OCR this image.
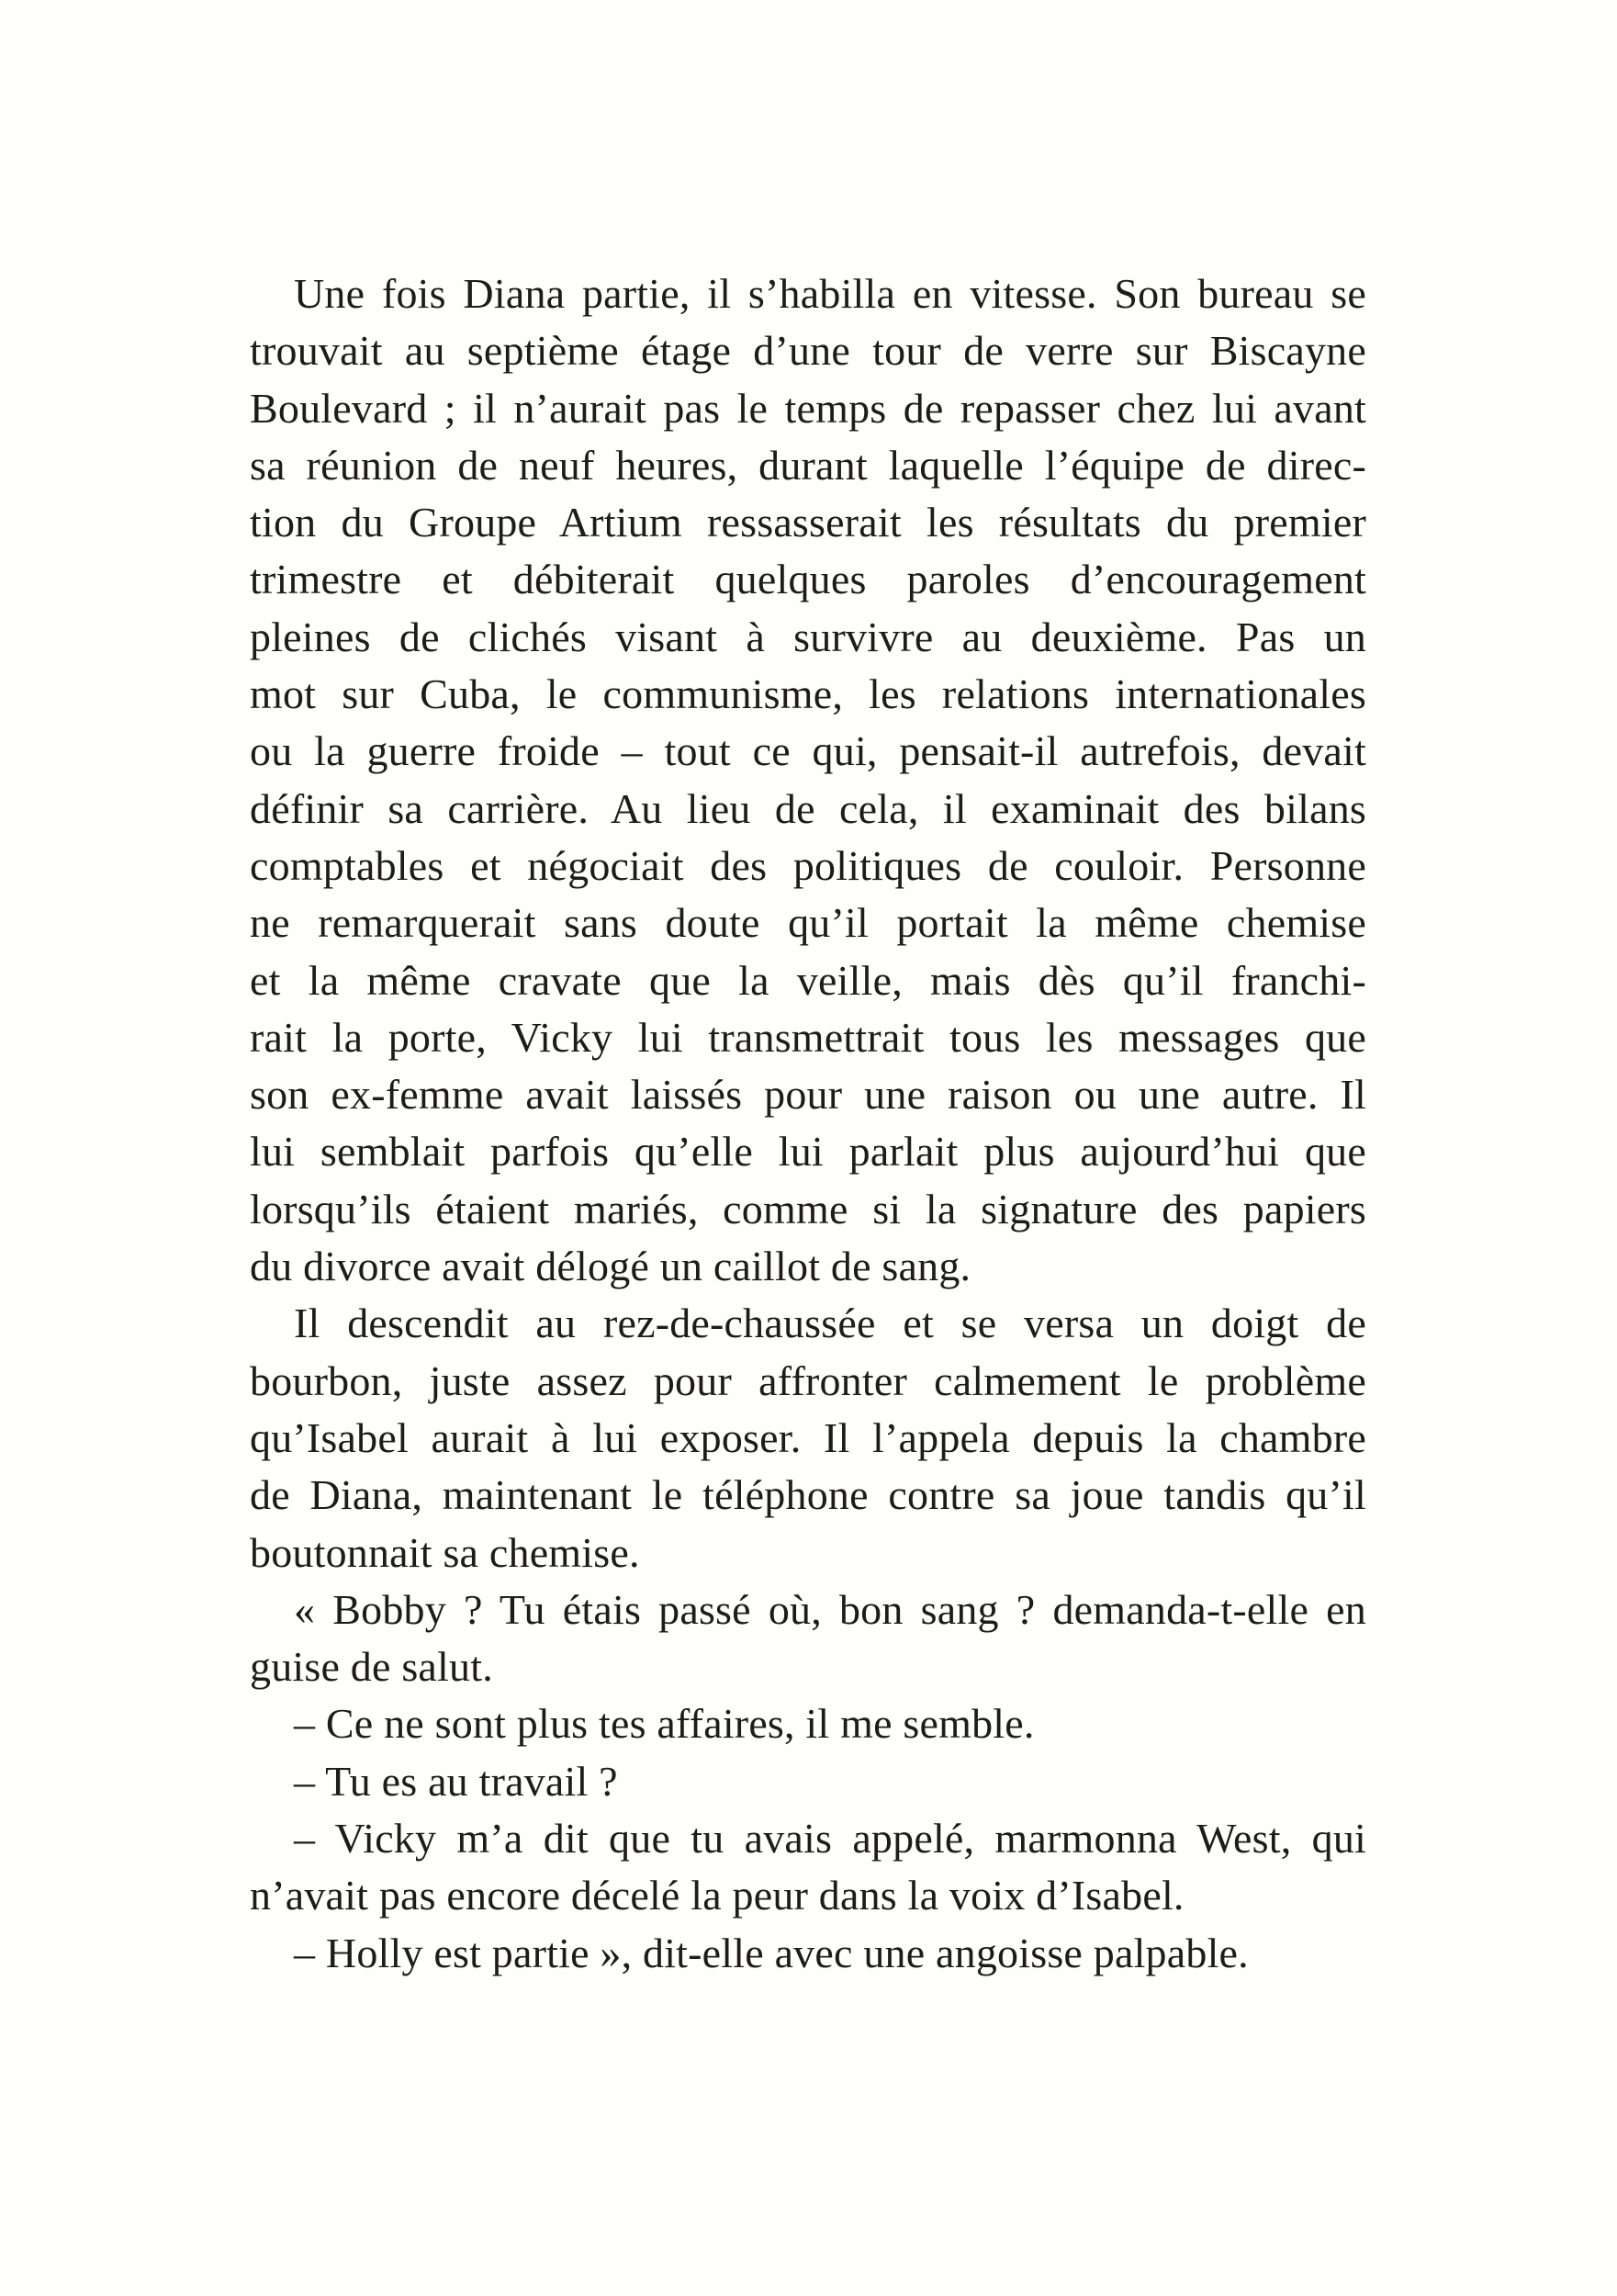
Une fois Diana partie, il s’habilla en vitesse. Son bureau se
trouvait au septième étage d’une tour de verre sur Biscayne
Boulevard ; il n’aurait pas le temps de repasser chez lui avant
sa réunion de neuf heures, durant laquelle l’équipe de direc-
tion du Groupe Artium ressasserait les résultats du premier
trimestre et débiterait quelques paroles d’encouragement
pleines de clichés visant à survivre au deuxième. Pas un
mot sur Cuba, le communisme, les relations internationales
ou la guerre froide – tout ce qui, pensait-il autrefois, devait
définir sa carrière. Au lieu de cela, il examinait des bilans
comptables et négociait des politiques de couloir. Personne
ne remarquerait sans doute qu’il portait la même chemise
et la même cravate que la veille, mais dès qu’il franchi-
rait la porte, Vicky lui transmettrait tous les messages que
son ex-femme avait laissés pour une raison ou une autre. Il
lui semblait parfois qu’elle lui parlait plus aujourd’hui que
lorsqu’ils étaient mariés, comme si la signature des papiers
du divorce avait délogé un caillot de sang.
Il descendit au rez-de-chaussée et se versa un doigt de
bourbon, juste assez pour affronter calmement le problème
qu’Isabel aurait à lui exposer. Il l’appela depuis la chambre
de Diana, maintenant le téléphone contre sa joue tandis qu’il
boutonnait sa chemise.
« Bobby ? Tu étais passé où, bon sang ? demanda-t-elle en
guise de salut.
– Ce ne sont plus tes affaires, il me semble.
– Tu es au travail ?
– Vicky m’a dit que tu avais appelé, marmonna West, qui
n’avait pas encore décelé la peur dans la voix d’Isabel.
– Holly est partie », dit-elle avec une angoisse palpable.
